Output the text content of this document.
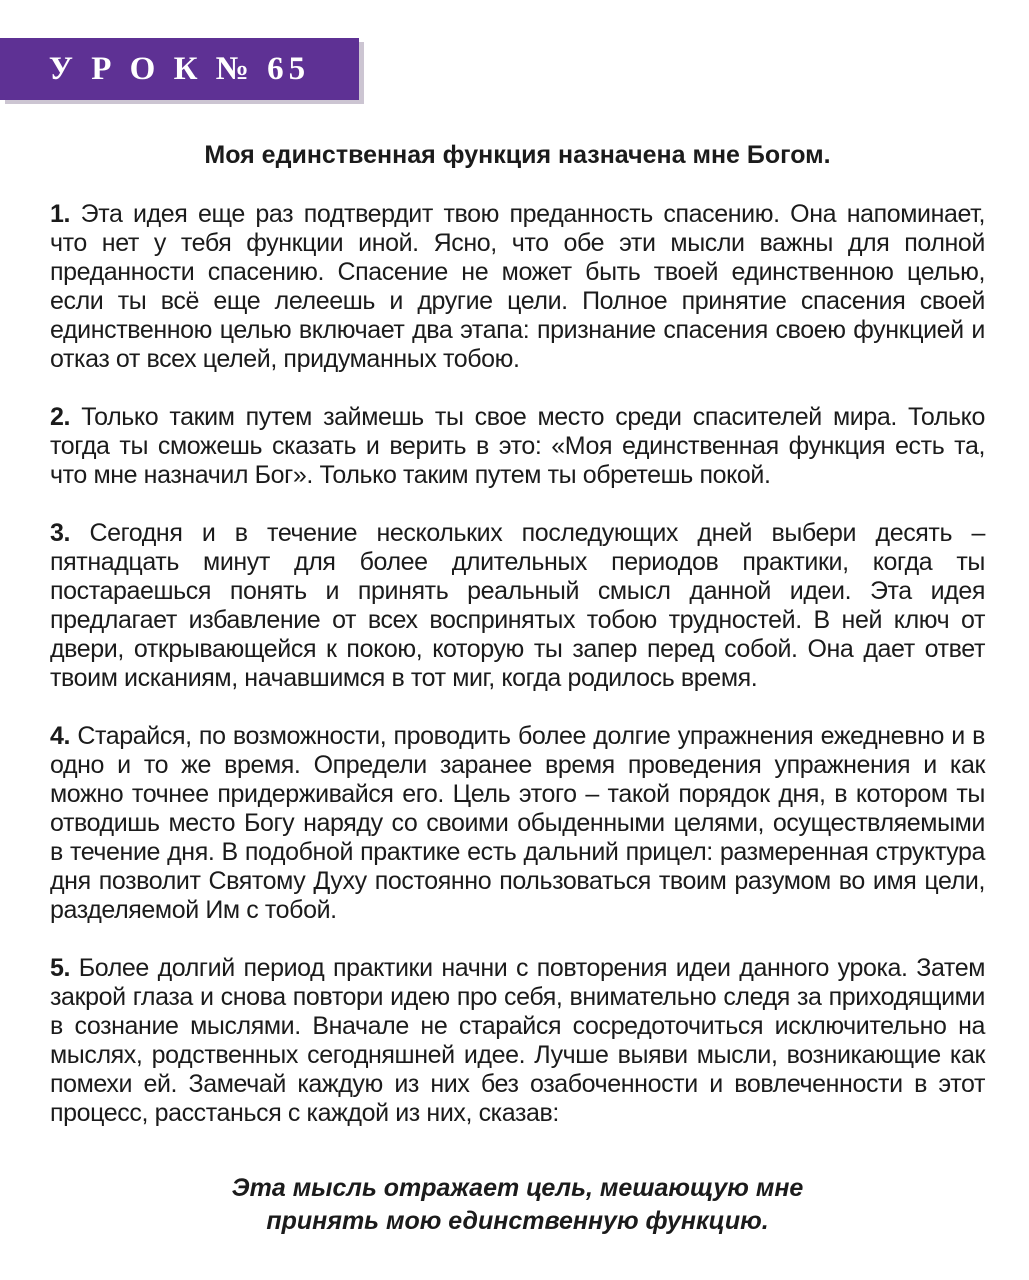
У Р О К № 65
Моя единственная функция назначена мне Богом.

1. Эта идея еще раз подтвердит твою преданность спасению. Она напоминает, что нет у тебя функции иной. Ясно, что обе эти мысли важны для полной преданности спасению. Спасение не может быть твоей единственною целью, если ты всё еще лелеешь и другие цели. Полное принятие спасения своей единственною целью включает два этапа: признание спасения своею функцией и отказ от всех целей, придуманных тобою.

2. Только таким путем займешь ты свое место среди спасителей мира. Только тогда ты сможешь сказать и верить в это: «Моя единственная функция есть та, что мне назначил Бог». Только таким путем ты обретешь покой.

3. Сегодня и в течение нескольких последующих дней выбери десять – пятнадцать минут для более длительных периодов практики, когда ты постараешься понять и принять реальный смысл данной идеи. Эта идея предлагает избавление от всех воспринятых тобою трудностей. В ней ключ от двери, открывающейся к покою, которую ты запер перед собой. Она дает ответ твоим исканиям, начавшимся в тот миг, когда родилось время.

4. Старайся, по возможности, проводить более долгие упражнения ежедневно и в одно и то же время. Определи заранее время проведения упражнения и как можно точнее придерживайся его. Цель этого – такой порядок дня, в котором ты отводишь место Богу наряду со своими обыденными целями, осуществляемыми в течение дня. В подобной практике есть дальний прицел: размеренная структура дня позволит Святому Духу постоянно пользоваться твоим разумом во имя цели, разделяемой Им с тобой.

5. Более долгий период практики начни с повторения идеи данного урока. Затем закрой глаза и снова повтори идею про себя, внимательно следя за приходящими в сознание мыслями. Вначале не старайся сосредоточиться исключительно на мыслях, родственных сегодняшней идее. Лучше выяви мысли, возникающие как помехи ей. Замечай каждую из них без озабоченности и вовлеченности в этот процесс, расстанься с каждой из них, сказав:

Эта мысль отражает цель, мешающую мне принять мою единственную функцию.
